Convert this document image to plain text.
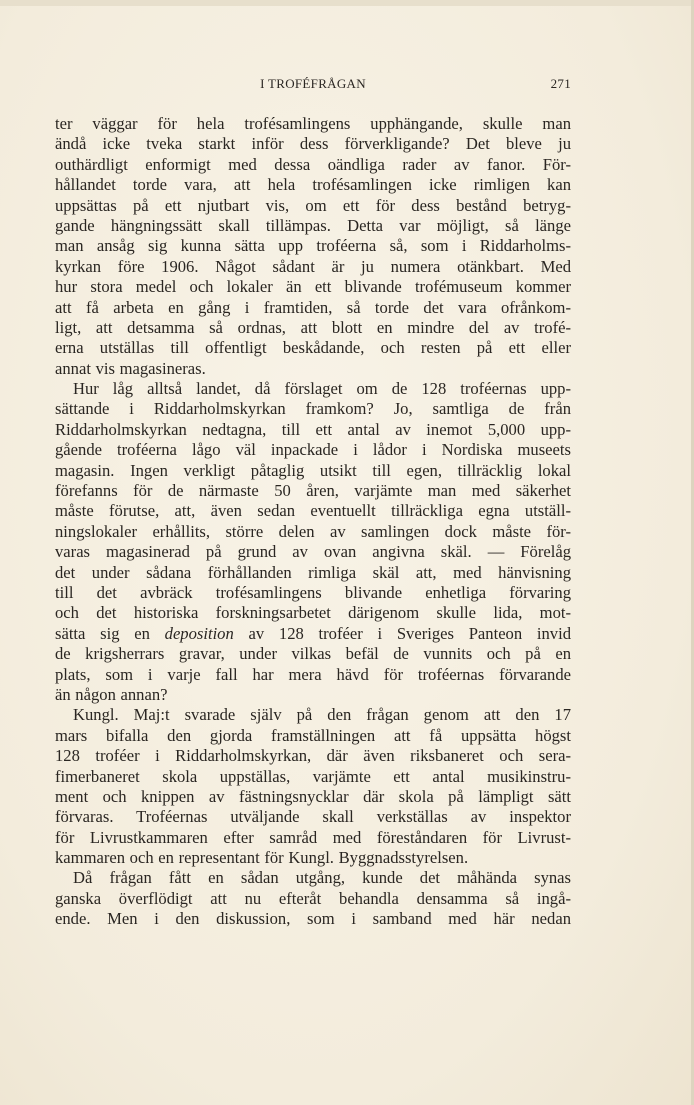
I TROFÉFRÅGAN	271
ter väggar för hela trofésamlingens upphängande, skulle man
ändå icke tveka starkt inför dess förverkligande? Det bleve ju
outhärdligt enformigt med dessa oändliga rader av fanor. För-
hållandet torde vara, att hela trofésamlingen icke rimligen kan
uppsättas på ett njutbart vis, om ett för dess bestånd betryg-
gande hängningssätt skall tillämpas. Detta var möjligt, så länge
man ansåg sig kunna sätta upp troféerna så, som i Riddarholms-
kyrkan före 1906. Något sådant är ju numera otänkbart. Med
hur stora medel och lokaler än ett blivande trofémuseum kommer
att få arbeta en gång i framtiden, så torde det vara ofrånkom-
ligt, att detsamma så ordnas, att blott en mindre del av trofé-
erna utställas till offentligt beskådande, och resten på ett eller
annat vis magasineras.
Hur låg alltså landet, då förslaget om de 128 troféernas upp-
sättande i Riddarholmskyrkan framkom? Jo, samtliga de från
Riddarholmskyrkan nedtagna, till ett antal av inemot 5,000 upp-
gående troféerna lågo väl inpackade i lådor i Nordiska museets
magasin. Ingen verkligt påtaglig utsikt till egen, tillräcklig lokal
förefanns för de närmaste 50 åren, varjämte man med säkerhet
måste förutse, att, även sedan eventuellt tillräckliga egna utställ-
ningslokaler erhållits, större delen av samlingen dock måste för-
varas magasinerad på grund av ovan angivna skäl. — Förelåg
det under sådana förhållanden rimliga skäl att, med hänvisning
till det avbräck trofésamlingens blivande enhetliga förvaring
och det historiska forskningsarbetet därigenom skulle lida, mot-
sätta sig en deposition av 128 troféer i Sveriges Panteon invid
de krigsherrars gravar, under vilkas befäl de vunnits och på en
plats, som i varje fall har mera hävd för troféernas förvarande
än någon annan?
Kungl. Maj:t svarade själv på den frågan genom att den 17
mars bifalla den gjorda framställningen att få uppsätta högst
128 troféer i Riddarholmskyrkan, där även riksbaneret och sera-
fimerbaneret skola uppställas, varjämte ett antal musikinstru-
ment och knippen av fästningsnycklar där skola på lämpligt sätt
förvaras. Troféernas utväljande skall verkställas av inspektor
för Livrustkammaren efter samråd med föreståndaren för Livrust-
kammaren och en representant för Kungl. Byggnadsstyrelsen.
Då frågan fått en sådan utgång, kunde det måhända synas
ganska överflödigt att nu efteråt behandla densamma så ingå-
ende. Men i den diskussion, som i samband med här nedan
